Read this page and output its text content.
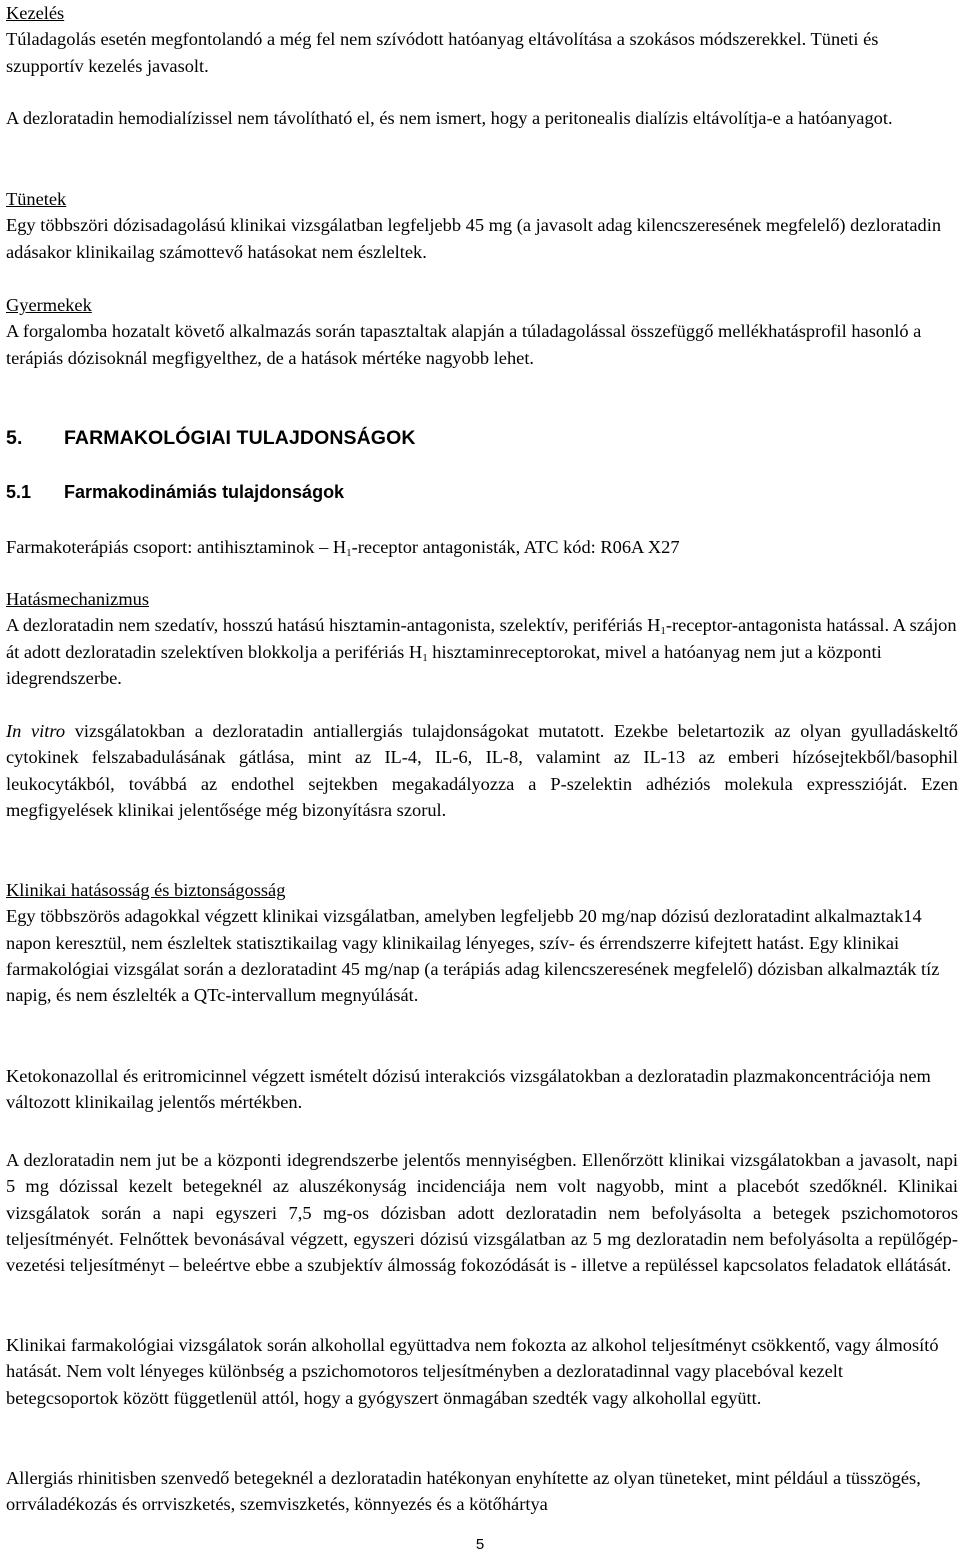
Kezelés
Túladagolás esetén megfontolandó a még fel nem szívódott hatóanyag eltávolítása a szokásos módszerekkel. Tüneti és szupportív kezelés javasolt.
A dezloratadin hemodialízissel nem távolítható el, és nem ismert, hogy a peritonealis dialízis eltávolítja-e a hatóanyagot.
Tünetek
Egy többszöri dózisadagolású klinikai vizsgálatban legfeljebb 45 mg (a javasolt adag kilencszeresének megfelelő) dezloratadin adásakor klinikailag számottevő hatásokat nem észleltek.
Gyermekek
A forgalomba hozatalt követő alkalmazás során tapasztaltak alapján a túladagolással összefüggő mellékhatásprofil hasonló a terápiás dózisoknál megfigyelthez, de a hatások mértéke nagyobb lehet.
5. FARMAKOLÓGIAI TULAJDONSÁGOK
5.1 Farmakodinámiás tulajdonságok
Farmakoterápiás csoport: antihisztaminok – $H_1$-receptor antagonisták, ATC kód: R06A X27
Hatásmechanizmus
A dezloratadin nem szedatív, hosszú hatású hisztamin-antagonista, szelektív, perifériás $H_1-receptor$-antagonista hatással. A szájon át adott dezloratadin szelektíven blokkolja a perifériás $H_1$ hisztaminreceptorokat, mivel a hatóanyag nem jut a központi idegrendszerbe.
In vitro vizsgálatokban a dezloratadin antiallergiás tulajdonságokat mutatott. Ezekbe beletartozik az olyan gyulladáskeltő cytokinek felszabadulásának gátlása, mint az IL-4, IL-6, IL-8, valamint az IL-13 az emberi hízósejtekből/basophil leukocytákból, továbbá az endothel sejtekben megakadályozza a P-szelektin adhéziós molekula expresszióját. Ezen megfigyelések klinikai jelentősége még bizonyításra szorul.
Klinikai hatásosság és biztonságosság
Egy többszörös adagokkal végzett klinikai vizsgálatban, amelyben legfeljebb 20 mg/nap dózisú dezloratadint alkalmaztak14 napon keresztül, nem észleltek statisztikailag vagy klinikailag lényeges, szív- és érrendszerre kifejtett hatást. Egy klinikai farmakológiai vizsgálat során a dezloratadint 45 mg/nap (a terápiás adag kilencszeresének megfelelő) dózisban alkalmazták tíz napig, és nem észlelték a QTc-intervallum megnyúlását.
Ketokonazollal és eritromicinnel végzett ismételt dózisú interakciós vizsgálatokban a dezloratadin plazmakoncentrációja nem változott klinikailag jelentős mértékben.
A dezloratadin nem jut be a központi idegrendszerbe jelentős mennyiségben. Ellenőrzött klinikai vizsgálatokban a javasolt, napi 5 mg dózissal kezelt betegeknél az aluszékonyság incidenciája nem volt nagyobb, mint a placebót szedőknél. Klinikai vizsgálatok során a napi egyszeri 7,5 mg-os dózisban adott dezloratadin nem befolyásolta a betegek pszichomotoros teljesítményét. Felnőttek bevonásával végzett, egyszeri dózisú vizsgálatban az 5 mg dezloratadin nem befolyásolta a repülőgép-vezetési teljesítményt – beleértve ebbe a szubjektív álmosság fokozódását is - illetve a repüléssel kapcsolatos feladatok ellátását.
Klinikai farmakológiai vizsgálatok során alkohollal együttadva nem fokozta az alkohol teljesítményt csökkentő, vagy álmosító hatását. Nem volt lényeges különbség a pszichomotoros teljesítményben a dezloratadinnal vagy placebóval kezelt betegcsoportok között függetlenül attól, hogy a gyógyszert önmagában szedték vagy alkohollal együtt.
Allergiás rhinitisben szenvedő betegeknél a dezloratadin hatékonyan enyhítette az olyan tüneteket, mint például a tüsszögés, orrváladékozás és orrviszketés, szemviszketés, könnyezés és a kötőhártya
5
